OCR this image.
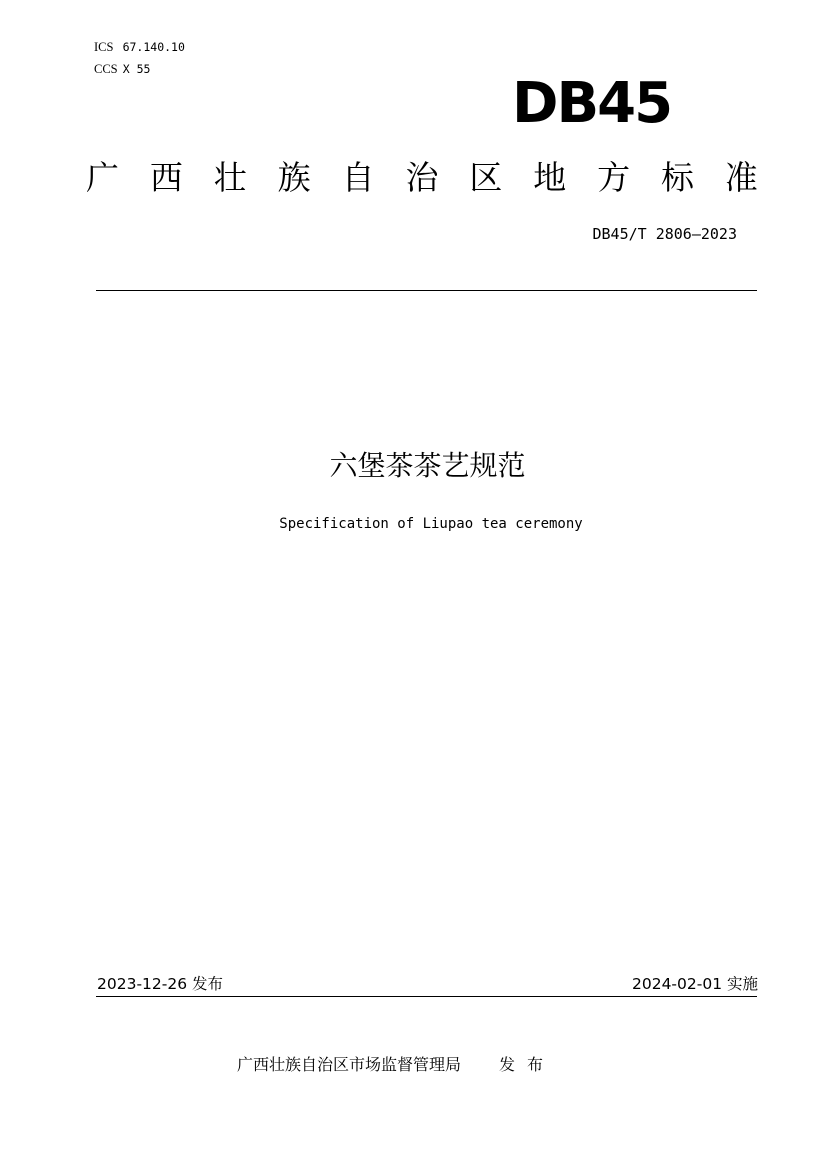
ICS 67.140.10
CCS X 55
DB45
广 西 壮 族 自 治 区 地 方 标 准
DB45/T 2806—2023
六堡茶茶艺规范
Specification of Liupao tea ceremony
2023-12-26 发布	2024-02-01 实施
广西壮族自治区市场监督管理局 发布
